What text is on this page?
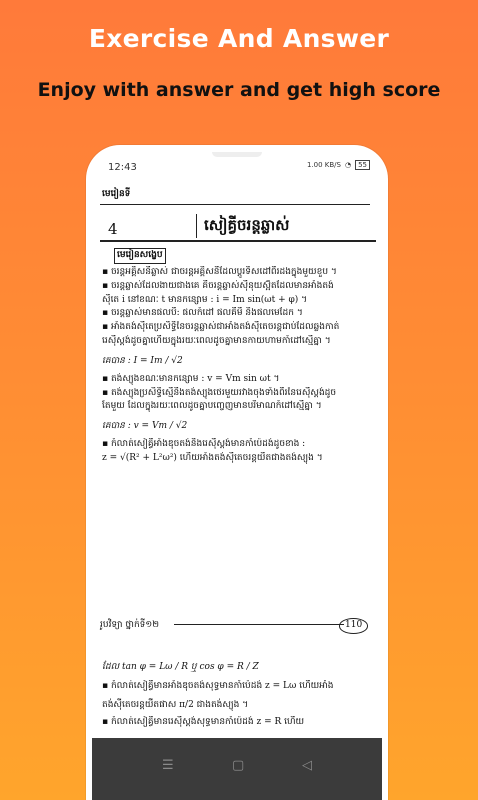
Exercise And Answer
Enjoy with answer and get high score
12:43	1.00 KB/S ◔	55
មេរៀនទី
4	សៀគ្វីចរន្តឆ្លាស់
មេរៀនសង្ខេប
▪ ចរន្តអគ្គិសនីឆ្លាស់ ជាចរន្តអគ្គិសនីដែលប្តូរទិសដៅពីរដងក្នុងមួយខួប ។
▪ ចរន្តឆ្លាស់ដែលងាយជាងគេ គឺចរន្តឆ្លាស់ស៊ីនុយស្អ៊ីតដែលមានអាំងតង់
ស៊ីតេ i នៅខណៈ t មានកន្សោម : i = Im sin(ωt + φ) ។
▪ ចរន្តឆ្លាស់មានផលបី: ផលកំដៅ ផលគីមី និងផលមេដែក ។
▪ អាំងតង់ស៊ីតេប្រសិទ្ធិនៃចរន្តឆ្លាស់ជាអាំងតង់ស៊ីតេចរន្តជាប់ដែលឆ្លងកាត់
រេស៊ីស្តង់ដូចគ្នាហើយក្នុងរយៈពេលដូចគ្នាមានកាយហាមកាំដៅស្មើគ្នា ។
គេបាន : I = Im / √2
▪ តង់ស្យុងខណៈមានកន្សោម : v = Vm sin ωt ។
▪ តង់ស្យុងប្រសិទ្ធិស្មើនឹងតង់ស្យុងថេរមួយរវាងចុងទាំងពីរនៃរេស៊ីស្តង់ដូច
តែមួយ ដែលក្នុងរយៈពេលដូចគ្នាបញ្ចេញមានបរិមាណកំដៅស្មើគ្នា ។
គេបាន : v = Vm / √2
▪ កំលាត់សៀគ្វីអាំងឌុចតង់និងរេស៊ីស្តង់មានកាំប៉េដង់ដូចខាង :
z = √(R² + L²ω²) ហើយអាំងតង់ស៊ីតេចរន្តយឺតជាងតង់ស្យុង ។
រូបវិទ្យា ថ្នាក់ទី១២	110
ដែល tan φ = Lω / R ឬ cos φ = R / Z
▪ កំលាត់សៀគ្វីមានអាំងឌុចតង់សុទ្ធមានកាំប៉េដង់ z = Lω ហើយអាំង
តង់ស៊ីតេចរន្តយឺតផាស π/2 ជាងតង់ស្យុង ។
▪ កំលាត់សៀគ្វីមានរេស៊ីស្តង់សុទ្ធមានកាំប៉េដង់ z = R ហើយ
☰	▢	◁
